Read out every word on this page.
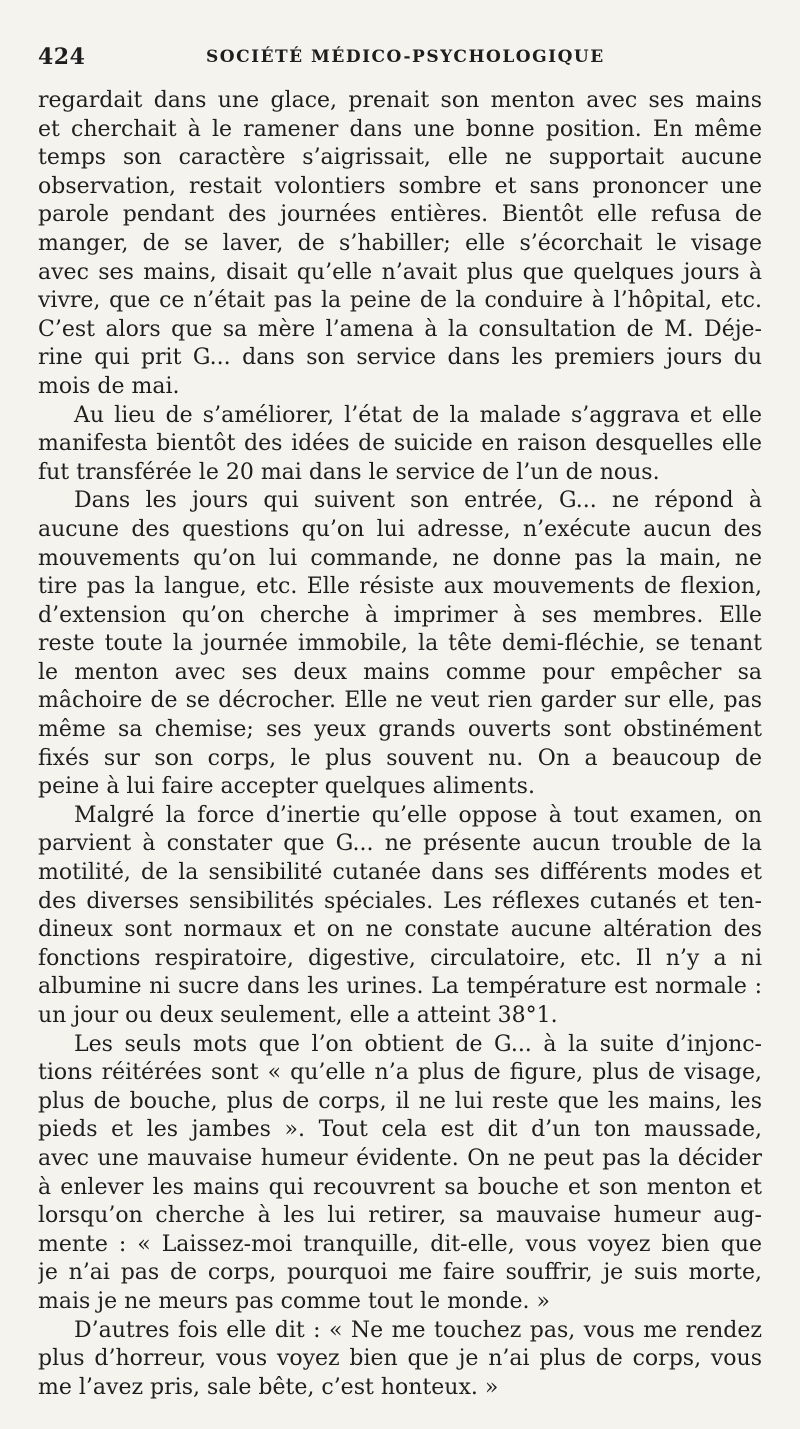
424	SOCIÉTÉ MÉDICO-PSYCHOLOGIQUE
regardait dans une glace, prenait son menton avec ses mains
et cherchait à le ramener dans une bonne position. En même
temps son caractère s’aigrissait, elle ne supportait aucune
observation, restait volontiers sombre et sans prononcer une
parole pendant des journées entières. Bientôt elle refusa de
manger, de se laver, de s’habiller; elle s’écorchait le visage
avec ses mains, disait qu’elle n’avait plus que quelques jours à
vivre, que ce n’était pas la peine de la conduire à l’hôpital, etc.
C’est alors que sa mère l’amena à la consultation de M. Déje-
rine qui prit G... dans son service dans les premiers jours du
mois de mai.
Au lieu de s’améliorer, l’état de la malade s’aggrava et elle
manifesta bientôt des idées de suicide en raison desquelles elle
fut transférée le 20 mai dans le service de l’un de nous.
Dans les jours qui suivent son entrée, G... ne répond à
aucune des questions qu’on lui adresse, n’exécute aucun des
mouvements qu’on lui commande, ne donne pas la main, ne
tire pas la langue, etc. Elle résiste aux mouvements de flexion,
d’extension qu’on cherche à imprimer à ses membres. Elle
reste toute la journée immobile, la tête demi-fléchie, se tenant
le menton avec ses deux mains comme pour empêcher sa
mâchoire de se décrocher. Elle ne veut rien garder sur elle, pas
même sa chemise; ses yeux grands ouverts sont obstinément
fixés sur son corps, le plus souvent nu. On a beaucoup de
peine à lui faire accepter quelques aliments.
Malgré la force d’inertie qu’elle oppose à tout examen, on
parvient à constater que G... ne présente aucun trouble de la
motilité, de la sensibilité cutanée dans ses différents modes et
des diverses sensibilités spéciales. Les réflexes cutanés et ten-
dineux sont normaux et on ne constate aucune altération des
fonctions respiratoire, digestive, circulatoire, etc. Il n’y a ni
albumine ni sucre dans les urines. La température est normale :
un jour ou deux seulement, elle a atteint 38°1.
Les seuls mots que l’on obtient de G... à la suite d’injonc-
tions réitérées sont « qu’elle n’a plus de figure, plus de visage,
plus de bouche, plus de corps, il ne lui reste que les mains, les
pieds et les jambes ». Tout cela est dit d’un ton maussade,
avec une mauvaise humeur évidente. On ne peut pas la décider
à enlever les mains qui recouvrent sa bouche et son menton et
lorsqu’on cherche à les lui retirer, sa mauvaise humeur aug-
mente : « Laissez-moi tranquille, dit-elle, vous voyez bien que
je n’ai pas de corps, pourquoi me faire souffrir, je suis morte,
mais je ne meurs pas comme tout le monde. »
D’autres fois elle dit : « Ne me touchez pas, vous me rendez
plus d’horreur, vous voyez bien que je n’ai plus de corps, vous
me l’avez pris, sale bête, c’est honteux. »
